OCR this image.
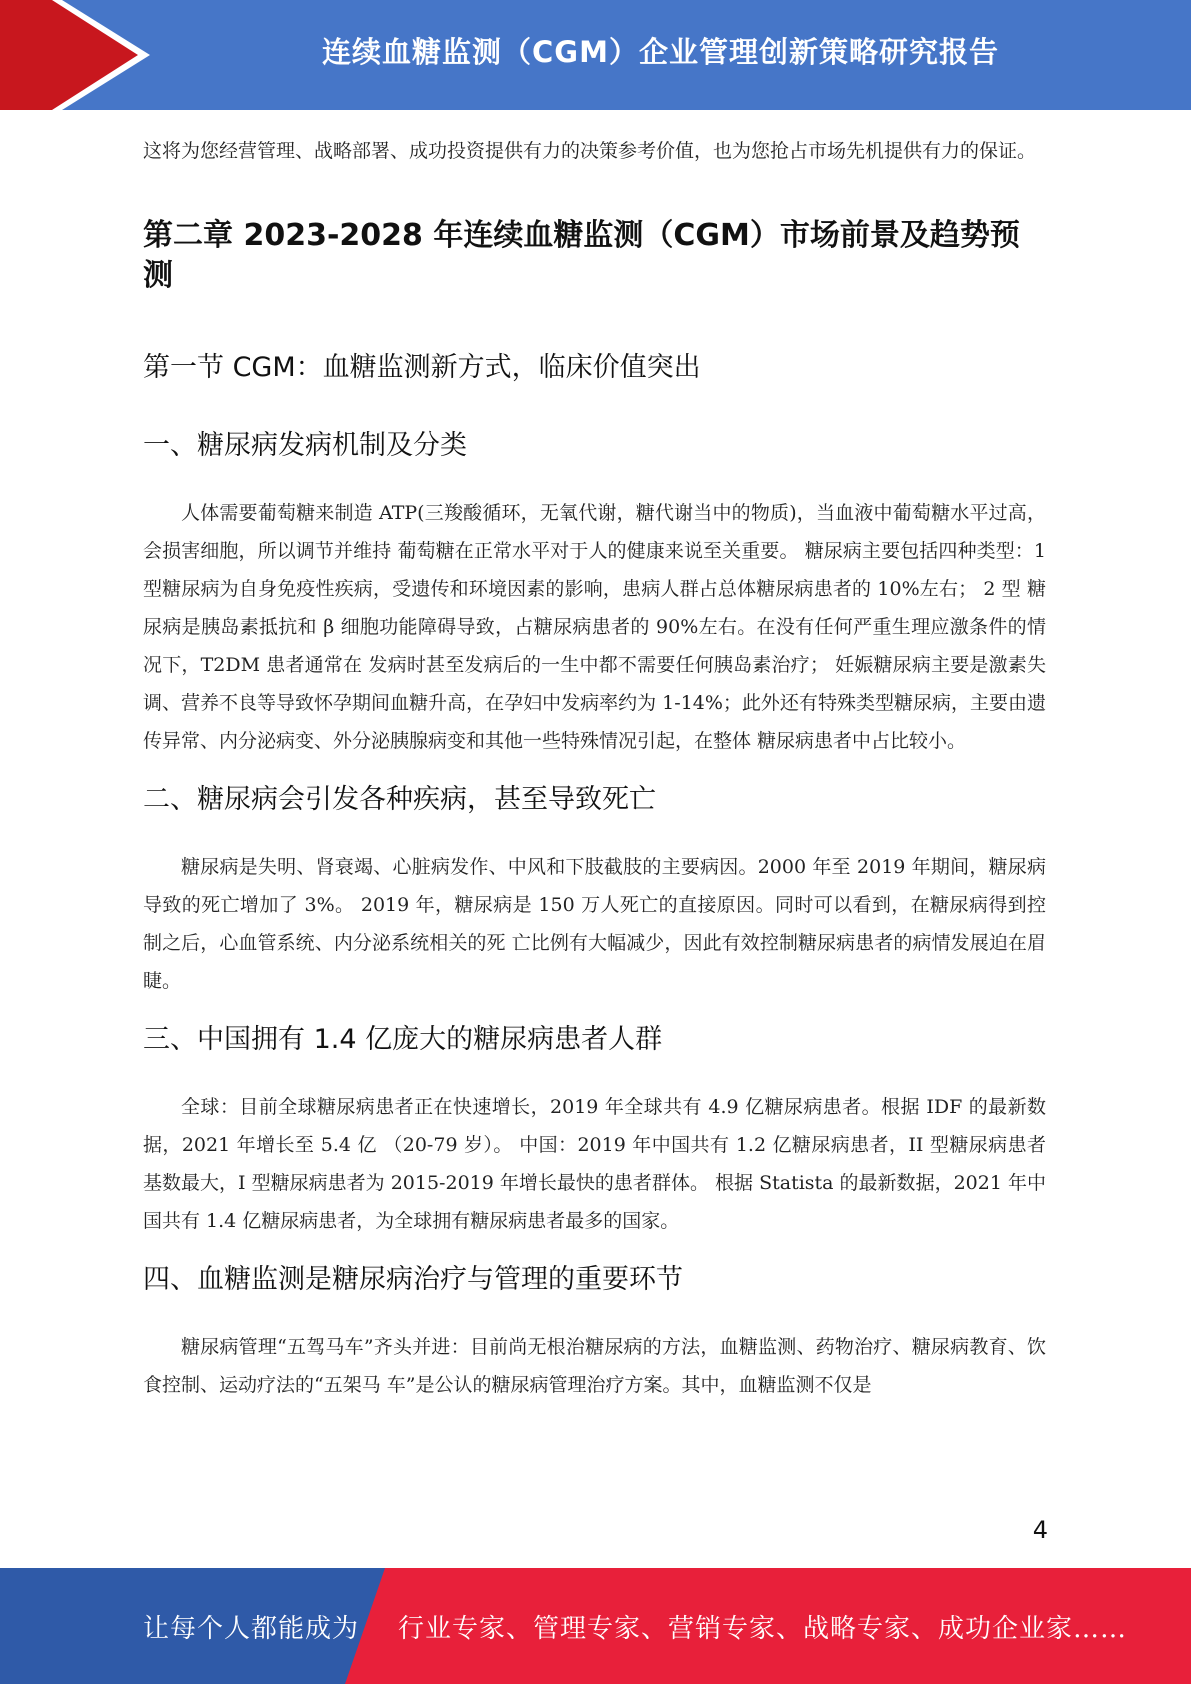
连续血糖监测（CGM）企业管理创新策略研究报告

这将为您经营管理、战略部署、成功投资提供有力的决策参考价值，也为您抢占市场先机提供有力的保证。

第二章 2023-2028 年连续血糖监测（CGM）市场前景及趋势预测
第一节 CGM：血糖监测新方式，临床价值突出
一、糖尿病发病机制及分类

人体需要葡萄糖来制造 ATP(三羧酸循环，无氧代谢，糖代谢当中的物质)，当血液中葡萄糖水平过高，会损害细胞，所以调节并维持 葡萄糖在正常水平对于人的健康来说至关重要。 糖尿病主要包括四种类型：1 型糖尿病为自身免疫性疾病，受遗传和环境因素的影响，患病人群占总体糖尿病患者的 10%左右； 2 型 糖尿病是胰岛素抵抗和 β 细胞功能障碍导致，占糖尿病患者的 90%左右。在没有任何严重生理应激条件的情况下，T2DM 患者通常在 发病时甚至发病后的一生中都不需要任何胰岛素治疗； 妊娠糖尿病主要是激素失调、营养不良等导致怀孕期间血糖升高，在孕妇中发病率约为 1-14%；此外还有特殊类型糖尿病，主要由遗传异常、内分泌病变、外分泌胰腺病变和其他一些特殊情况引起，在整体 糖尿病患者中占比较小。

二、糖尿病会引发各种疾病，甚至导致死亡

糖尿病是失明、肾衰竭、心脏病发作、中风和下肢截肢的主要病因。2000 年至 2019 年期间，糖尿病导致的死亡增加了 3%。 2019 年，糖尿病是 150 万人死亡的直接原因。同时可以看到，在糖尿病得到控制之后，心血管系统、内分泌系统相关的死 亡比例有大幅减少，因此有效控制糖尿病患者的病情发展迫在眉睫。

三、中国拥有 1.4 亿庞大的糖尿病患者人群

全球：目前全球糖尿病患者正在快速增长，2019 年全球共有 4.9 亿糖尿病患者。根据 IDF 的最新数据，2021 年增长至 5.4 亿 （20-79 岁）。 中国：2019 年中国共有 1.2 亿糖尿病患者，II 型糖尿病患者基数最大，I 型糖尿病患者为 2015-2019 年增长最快的患者群体。 根据 Statista 的最新数据，2021 年中国共有 1.4 亿糖尿病患者，为全球拥有糖尿病患者最多的国家。

四、血糖监测是糖尿病治疗与管理的重要环节

糖尿病管理“五驾马车”齐头并进：目前尚无根治糖尿病的方法，血糖监测、药物治疗、糖尿病教育、饮食控制、运动疗法的“五架马 车”是公认的糖尿病管理治疗方案。其中，血糖监测不仅是

4
让每个人都能成为 行业专家、管理专家、营销专家、战略专家、成功企业家……
